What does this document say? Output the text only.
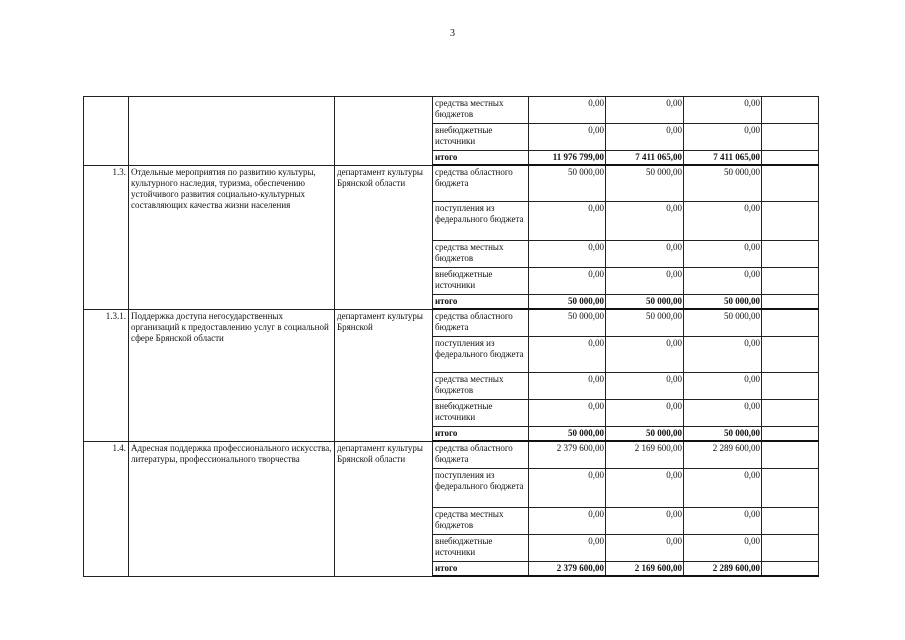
3
			средства местных бюджетов	0,00	0,00	0,00	
			внебюджетные источники	0,00	0,00	0,00	
			итого	11 976 799,00	7 411 065,00	7 411 065,00	
1.3.	Отдельные мероприятия по развитию культуры, культурного наследия, туризма, обеспечению устойчивого развития социально-культурных составляющих качества жизни населения	департамент культуры Брянской области	средства областного бюджета	50 000,00	50 000,00	50 000,00	
			поступления из федерального бюджета	0,00	0,00	0,00	
			средства местных бюджетов	0,00	0,00	0,00	
			внебюджетные источники	0,00	0,00	0,00	
			итого	50 000,00	50 000,00	50 000,00	
1.3.1.	Поддержка доступа негосударственных организаций к предоставлению услуг в социальной сфере Брянской области	департамент культуры Брянской	средства областного бюджета	50 000,00	50 000,00	50 000,00	
			поступления из федерального бюджета	0,00	0,00	0,00	
			средства местных бюджетов	0,00	0,00	0,00	
			внебюджетные источники	0,00	0,00	0,00	
			итого	50 000,00	50 000,00	50 000,00	
1.4.	Адресная поддержка профессионального искусства, литературы, профессионального творчества	департамент культуры Брянской области	средства областного бюджета	2 379 600,00	2 169 600,00	2 289 600,00	
			поступления из федерального бюджета	0,00	0,00	0,00	
			средства местных бюджетов	0,00	0,00	0,00	
			внебюджетные источники	0,00	0,00	0,00	
			итого	2 379 600,00	2 169 600,00	2 289 600,00	
